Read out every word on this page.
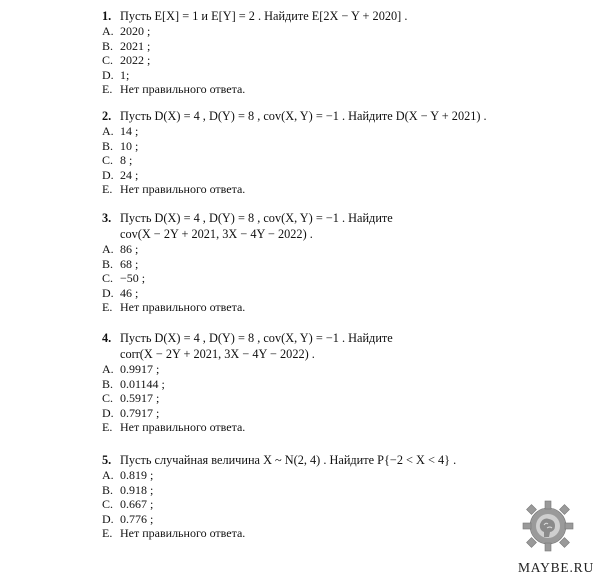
1. Пусть E[X] = 1 и E[Y] = 2 . Найдите E[2X − Y + 2020] .
A. 2020 ;
B. 2021 ;
C. 2022 ;
D. 1;
E. Нет правильного ответа.
2. Пусть D(X) = 4 , D(Y) = 8 , cov(X, Y) = −1 . Найдите D(X − Y + 2021) .
A. 14 ;
B. 10 ;
C. 8 ;
D. 24 ;
E. Нет правильного ответа.
3. Пусть D(X) = 4 , D(Y) = 8 , cov(X, Y) = −1 . Найдите
cov(X − 2Y + 2021, 3X − 4Y − 2022) .
A. 86 ;
B. 68 ;
C. −50 ;
D. 46 ;
E. Нет правильного ответа.
4. Пусть D(X) = 4 , D(Y) = 8 , cov(X, Y) = −1 . Найдите
corr(X − 2Y + 2021, 3X − 4Y − 2022) .
A. 0.9917 ;
B. 0.01144 ;
C. 0.5917 ;
D. 0.7917 ;
E. Нет правильного ответа.
5. Пусть случайная величина X ~ N(2, 4) . Найдите P{−2 < X < 4} .
A. 0.819 ;
B. 0.918 ;
C. 0.667 ;
D. 0.776 ;
E. Нет правильного ответа.
MAYBE.RU
